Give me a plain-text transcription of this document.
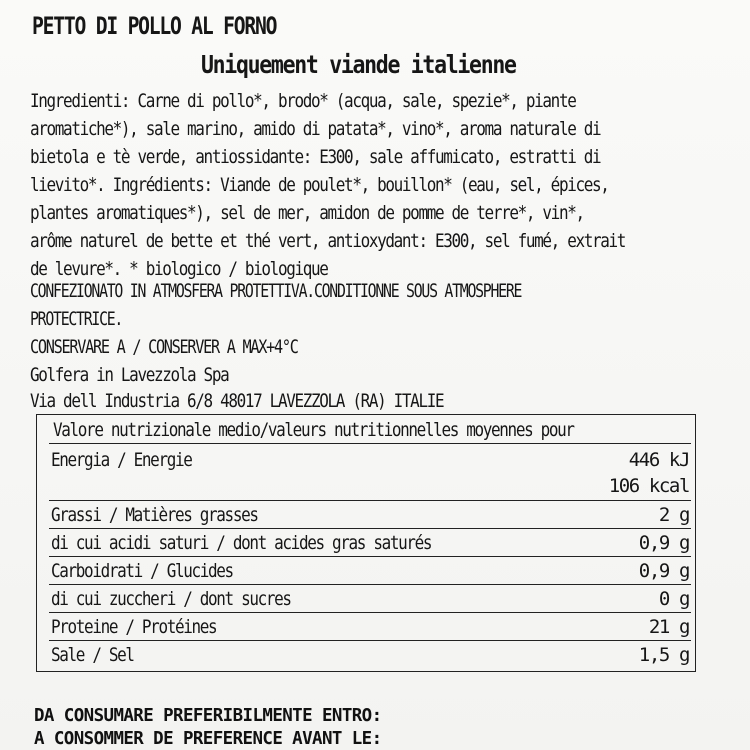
PETTO DI POLLO AL FORNO
Uniquement viande italienne
Ingredienti: Carne di pollo*, brodo* (acqua, sale, spezie*, piante
aromatiche*), sale marino, amido di patata*, vino*, aroma naturale di
bietola e tè verde, antiossidante: E300, sale affumicato, estratti di
lievito*. Ingrédients: Viande de poulet*, bouillon* (eau, sel, épices,
plantes aromatiques*), sel de mer, amidon de pomme de terre*, vin*,
arôme naturel de bette et thé vert, antioxydant: E300, sel fumé, extrait
de levure*. * biologico / biologique
CONFEZIONATO IN ATMOSFERA PROTETTIVA.CONDITIONNE SOUS ATMOSPHERE
PROTECTRICE.
CONSERVARE A / CONSERVER A MAX+4°C
Golfera in Lavezzola Spa
Via dell Industria 6/8 48017 LAVEZZOLA (RA) ITALIE
Valore nutrizionale medio/valeurs nutritionnelles moyennes pour
Energia / Energie	446 kJ
106 kcal
Grassi / Matières grasses	2 g
di cui acidi saturi / dont acides gras saturés	0,9 g
Carboidrati / Glucides	0,9 g
di cui zuccheri / dont sucres	0 g
Proteine / Protéines	21 g
Sale / Sel	1,5 g
DA CONSUMARE PREFERIBILMENTE ENTRO:
A CONSOMMER DE PREFERENCE AVANT LE:
